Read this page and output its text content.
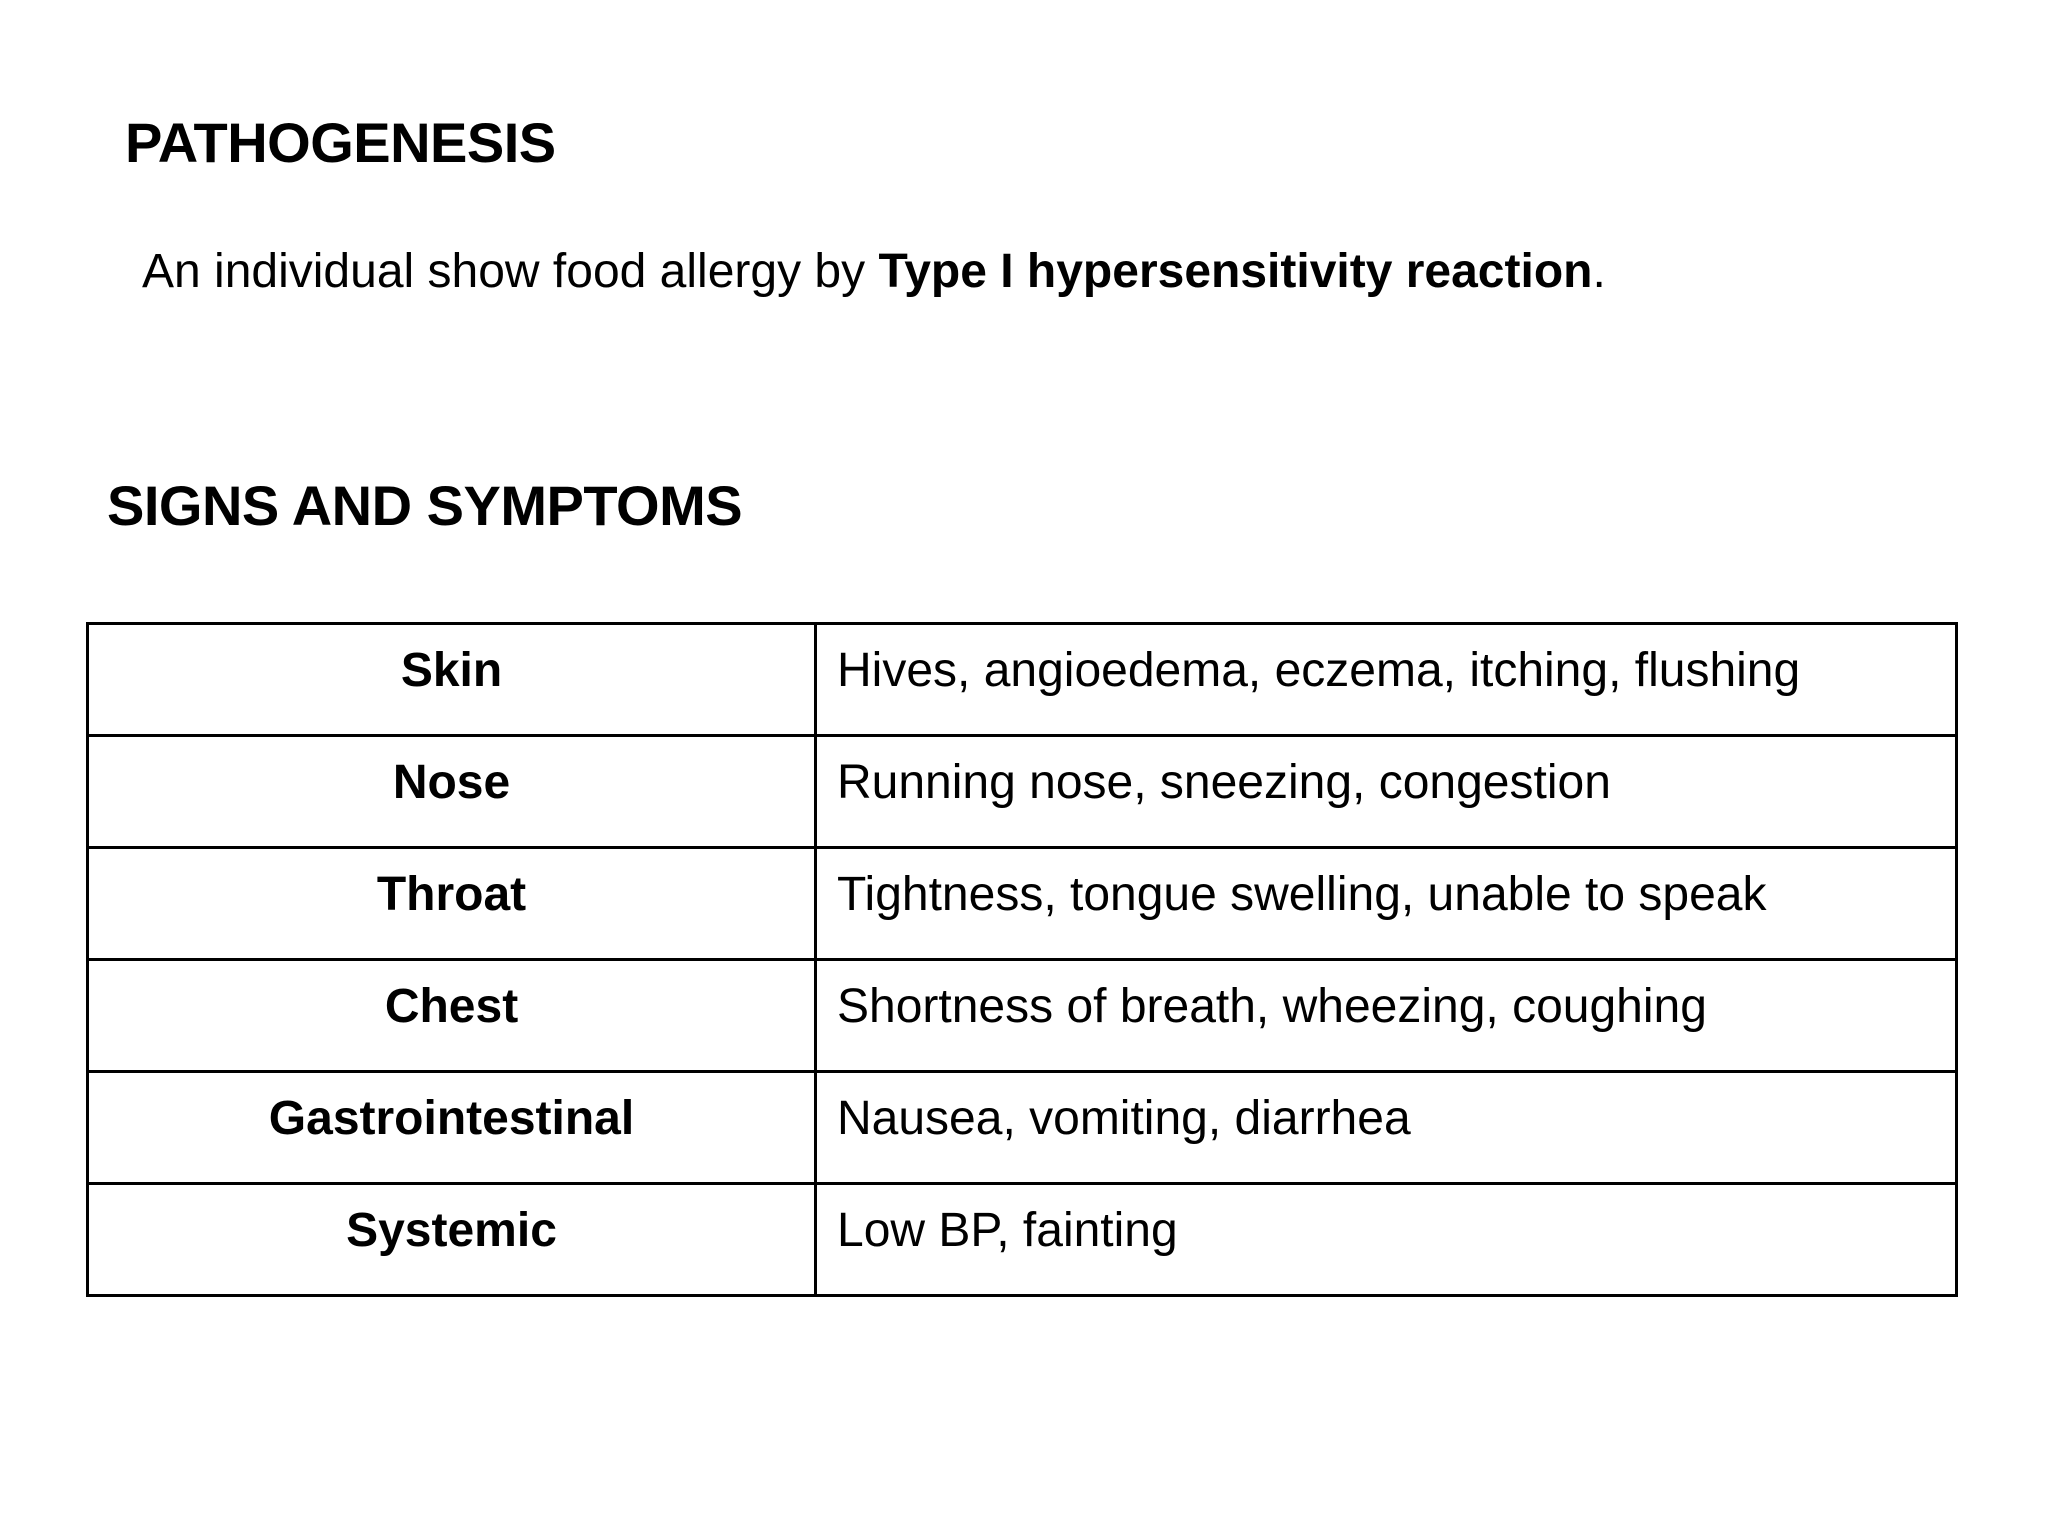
PATHOGENESIS

An individual show food allergy by Type I hypersensitivity reaction.

SIGNS AND SYMPTOMS
Skin	Hives, angioedema, eczema, itching, flushing
Nose	Running nose, sneezing, congestion
Throat	Tightness, tongue swelling, unable to speak
Chest	Shortness of breath, wheezing, coughing
Gastrointestinal	Nausea, vomiting, diarrhea
Systemic	Low BP, fainting
